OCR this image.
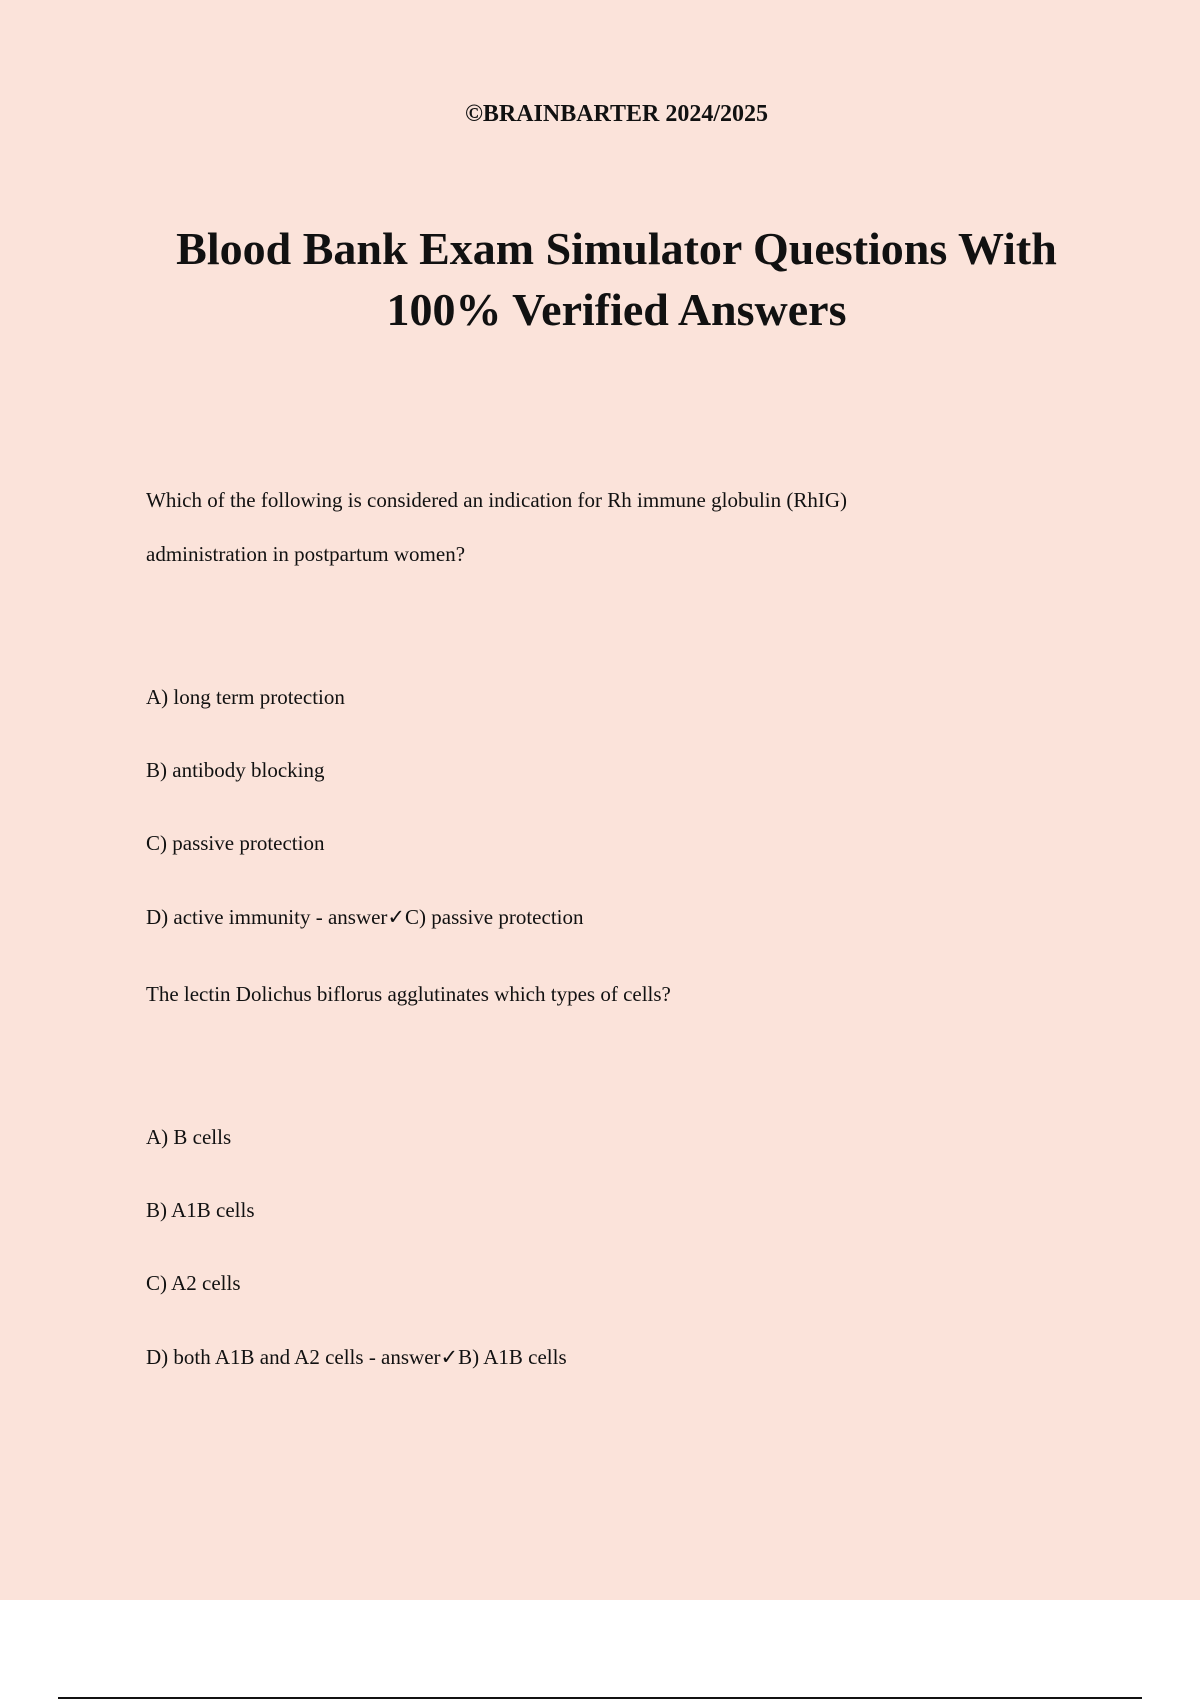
©BRAINBARTER 2024/2025
Blood Bank Exam Simulator Questions With
100% Verified Answers
Which of the following is considered an indication for Rh immune globulin (RhIG)
administration in postpartum women?
A) long term protection
B) antibody blocking
C) passive protection
D) active immunity - answer✓C) passive protection
The lectin Dolichus biflorus agglutinates which types of cells?
A) B cells
B) A1B cells
C) A2 cells
D) both A1B and A2 cells - answer✓B) A1B cells
